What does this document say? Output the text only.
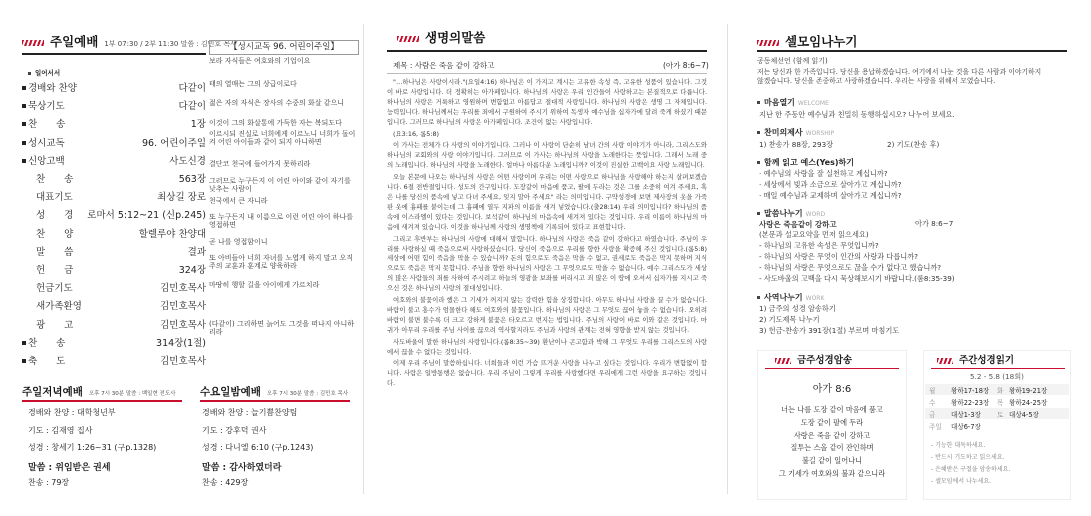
주일예배 1부 07:30 / 2부 11:30 말씀 : 김민호 목사
【성시교독 96. 어린이주일】
일어서서
경배와 찬양	다같이
묵상기도	다같이
찬　　송	1장
성시교독	96. 어린이주일
신앙고백	사도신경
찬　　송	563장
대표기도	최상길 장로
성　　경 로마서 5:12~21 (신p.245)
찬　　양	할렐루야 찬양대
말　　씀	결과
헌　　금	324장
헌금기도	김민호목사
새가족환영	김민호목사
광　　고	김민호목사
찬　　송	314장(1절)
축　　도	김민호목사
보라 자식들은 여호와의 기업이요
태의 열매는 그의 상급이로다
젊은 자의 자식은 장사의 수중의 화살 같으니
이것이 그의 화살통에 가득한 자는 복되도다
이르시되 진실로 너희에게 이르노니 너희가 돌이켜 어린 아이들과 같이 되지 아니하면
결단코 천국에 들어가지 못하리라
그러므로 누구든지 이 어린 아이와 같이 자기를 낮추는 사람이
천국에서 큰 자니라
또 누구든지 내 이름으로 이런 어린 아이 하나를 영접하면
곧 나를 영접함이니
또 아비들아 너희 자녀를 노엽게 하지 말고 오직 주의 교훈과 훈계로 양육하라
마땅히 행할 길을 아이에게 가르치라
(다같이) 그리하면 늙어도 그것을 떠나지 아니하리라
주일저녁예배 오후 7시 30분 말씀 : 백일현 전도사
경배와 찬양 : 대학청년부
기도 : 김재영 집사
성경 : 창세기 1:26~31 (구p.1328)
말씀 : 위임받은 권세
찬송 : 79장
수요일밤예배 오후 7시 30분 말씀 : 김민호 목사
경배와 찬양 : 늘기쁨찬양팀
기도 : 강후덕 권사
성경 : 다니엘 6:10 (구p.1243)
말씀 : 감사하였더라
찬송 : 429장
생명의말씀
제목 : 사람은 죽음 같이 강하고	(아가 8:6~7)

"…하나님은 사랑이시라."(요일4:16) 하나님은 이 가지고 계시는 고유한 속성 즉, 고유한 성품이 있습니다. 그것이 바로 사랑입니다. 더 정확히는 아가페입니다. 하나님의 사랑은 우리 인간들이 사랑하고는 본질적으로 다릅니다. 하나님의 사랑은 거룩하고 영원하며 변함없고 아름답고 절대적 사랑입니다. 하나님의 사랑은 생명 그 자체입니다. 능력입니다. 하나님께서는 우리를 죄에서 구원하여 주시기 위하여 독생자 예수님을 십자가에 달려 죽게 하셨기 때문입니다. 그러므로 하나님의 사랑은 아가페입니다. 조건이 없는 사랑입니다.

(요3:16, 롬5:8)

이 가사는 전체가 다 사랑의 이야기입니다. 그러나 이 사랑이 단순히 남녀 간의 사랑 이야기가 아니라, 그리스도와 하나님의 교회와의 사랑 이야기입니다. 그러므로 이 가사는 하나님의 사랑을 노래한다는 뜻입니다. 그래서 노래 중의 노래입니다. 하나님의 사랑을 노래한다. 얼마나 아름다운 노래입니까? 이것이 진실한 고백이요 사랑 노래입니다.

오늘 본문에 나오는 하나님의 사랑은 어떤 사랑이며 우리는 어떤 사랑으로 하나님을 사랑해야 하는지 살펴보겠습니다. 6절 전반절입니다. 성도의 간구입니다. 도장같이 마음에 품고, 팔에 두라는 것은 그를 소중히 여겨 주세요, 혹은 나를 당신의 품속에 넣고 다녀 주세요, 잊지 말아 주세요" 라는 의미입니다. 구약성경에 보면 제사장의 옷을 가죽판 옷에 흉패를 붙이는데 그 흉패에 열두 지파의 이름을 새겨 넣었습니다.(출28:14) 우리 의미입니다? 하나님의 품속에 이스라엘이 있다는 것입니다. 보석같이 하나님의 마음속에 새겨져 있다는 것입니다. 우리 이름이 하나님의 마음에 새겨져 있습니다. 이것을 하나님께 사랑의 생명책에 기록되어 있다고 표현합니다.

그리고 후반부는 하나님의 사랑에 대해서 말합니다. 하나님의 사랑은 죽음 같이 강하다고 하였습니다. 주님이 우리를 사랑하실 때 죽음으로써 사랑하셨습니다. 당신이 죽음으로 우리를 향한 사랑을 확증해 주신 것입니다.(롬5:8) 세상에 어떤 힘이 죽음을 막을 수 있습니까? 돈의 힘으로도 죽음은 막을 수 없고, 권세로도 죽음은 막지 못하며 지식으로도 죽음은 막지 못합니다. 주님을 향한 하나님의 사랑은 그 무엇으로도 막을 수 없습니다. 예수 그리스도가 세상의 많은 사람들의 죄를 사하여 주시려고 하늘의 영광을 보좌를 버리시고 죄 많은 이 땅에 오셔서 십자가를 지시고 죽으신 것은 하나님의 사랑의 절대성입니다.

여호와의 불꽃이라 했은 그 기세가 꺼지지 않는 강력한 힘을 상징합니다. 아무도 하나님 사랑을 끌 수가 없습니다. 바람이 불고 홍수가 엄몰한다 해도 여호와의 불꽃입니다. 하나님의 사랑은 그 무엇도 끊어 놓을 수 없습니다. 오히려 바람이 불면 불수록 더 크고 강하게 불꽃은 타오르고 번지는 법입니다. 주님의 사랑이 바로 이와 같은 것입니다. 마귀가 아무리 우리를 주님 사이를 끊으려 역사할지라도 주님과 사랑의 관계는 전혀 영향을 받지 않는 것입니다.

사도바울이 말한 하나님의 사랑입니다.(롬8:35~39) 환난이나 곤고함과 박해 그 무엇도 우리를 그리스도의 사랑에서 끊을 수 없다는 것입니다.

이제 우리 주님이 말씀하십니다. 너희들과 이런 가슴 뜨거운 사랑을 나누고 싶다는 것입니다. 우리가 변함없이 합니다. 사람은 일방통행은 없습니다. 우리 주님이 그렇게 우리를 사랑했다면 우리에게 그런 사랑을 요구하는 것입니다.

셀모임나누기
공동체선언 (함께 읽기)
저는 당신과 한 가족입니다. 당신을 용납하겠습니다. 여기에서 나눈 것을 다른 사람과 이야기하지
않겠습니다. 당신을 존중하고 사랑하겠습니다. 우리는 사랑을 위해서 모였습니다.
마음열기 WELCOME
지난 한 주동안 예수님과 친밀히 동행하십시오? 나누어 보세요.
찬미의제사 WORSHIP
1) 찬송가 88장, 293장	2) 기도(찬송 후)
함께 읽고 예스(Yes)하기
· 예수님의 사랑을 잘 실천하고 계십니까?
· 세상에서 빛과 소금으로 살아가고 계십니까?
· 매일 예수님과 교제하며 살아가고 계십니까?
말씀나누기 WORD
사랑은 죽음같이 강하고	아가 8:6~7
(본문과 설교요약을 먼저 읽으세요)
- 하나님의 고유한 속성은 무엇입니까?
- 하나님의 사랑은 무엇이 인간의 사랑과 다릅니까?
- 하나님의 사랑은 무엇으로도 끊을 수가 없다고 했습니까?
- 사도바울의 고백을 다시 묵상해보시기 바랍니다.(롬8:35-39)
사역나누기 WORK
1) 금주의 성경 암송하기
2) 기도제목 나누기
3) 헌금-찬송가 391장(1절) 부르며 마침기도
금주성경암송
아가 8:6
너는 나를 도장 같이 마음에 품고
도장 같이 팔에 두라
사랑은 죽음 같이 강하고
질투는 스올 같이 잔인하며
불길 같이 일어나니
그 기세가 여호와의 불과 같으니라
주간성경읽기
5.2 - 5.8 (18회)
월 왕하17-18장 화 왕하19-21장
수 왕하22-23장 목 왕하24-25장
금 대상1-3장 토 대상4-5장
주일 대상6-7장
- 기능한 대독하세요.
- 반드시 기도하고 읽으세요.
- 은혜받은 구절을 암송하세요.
- 셀모임에서 나누세요.
